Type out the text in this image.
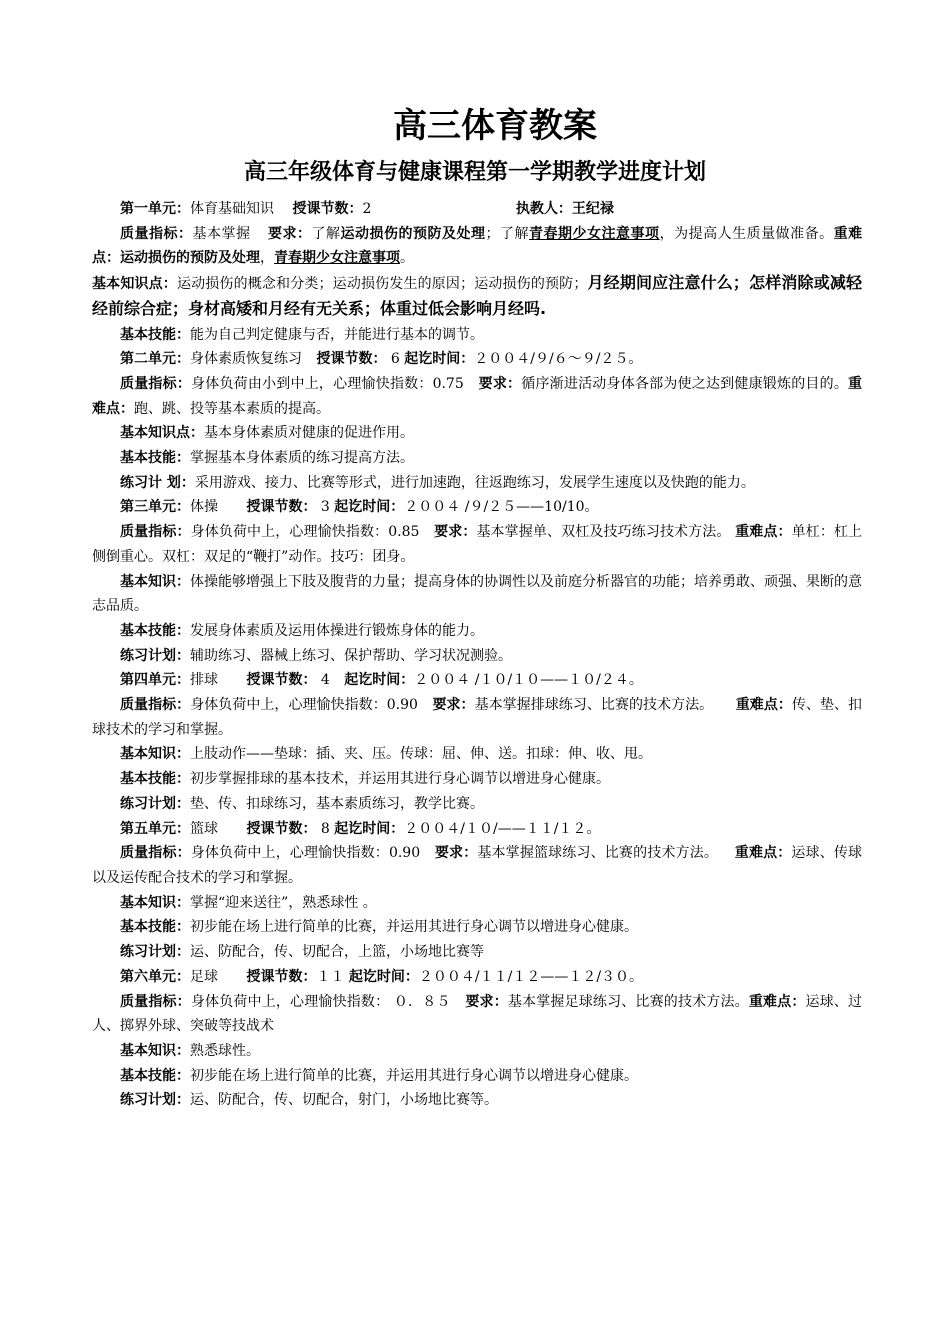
高三体育教案
高三年级体育与健康课程第一学期教学进度计划

第一单元：体育基础知识 授课节数：2	执教人：王纪禄

质量指标：基本掌握 要求：了解运动损伤的预防及处理；了解青春期少女注意事项，为提高人生质量做准备。重难点：运动损伤的预防及处理，青春期少女注意事项。

基本知识点：运动损伤的概念和分类；运动损伤发生的原因；运动损伤的预防；月经期间应注意什么；怎样消除或减轻经前综合症；身材高矮和月经有无关系；体重过低会影响月经吗.

基本技能：能为自己判定健康与否，并能进行基本的调节。

第二单元：身体素质恢复练习 授课节数： 6 起讫时间：２００４/９/６～９/２５。

质量指标：身体负荷由小到中上，心理愉快指数：0.75 要求：循序渐进活动身体各部为使之达到健康锻炼的目的。重难点：跑、跳、投等基本素质的提高。

基本知识点：基本身体素质对健康的促进作用。

基本技能：掌握基本身体素质的练习提高方法。

练习计 划：采用游戏、接力、比赛等形式，进行加速跑，往返跑练习，发展学生速度以及快跑的能力。

第三单元：体操 授课节数： 3 起讫时间：２００４ /９/２５——10/10。

质量指标：身体负荷中上，心理愉快指数：0.85 要求：基本掌握单、双杠及技巧练习技术方法。 重难点：单杠：杠上侧倒重心。双杠：双足的“鞭打”动作。技巧：团身。

基本知识：体操能够增强上下肢及腹背的力量；提高身体的协调性以及前庭分析器官的功能；培养勇敢、顽强、果断的意志品质。

基本技能：发展身体素质及运用体操进行锻炼身体的能力。

练习计划：辅助练习、器械上练习、保护帮助、学习状况测验。

第四单元：排球 授课节数： 4 起讫时间：２００４ /１０/１０——１０/２４。

质量指标：身体负荷中上，心理愉快指数：0.90 要求：基本掌握排球练习、比赛的技术方法。 重难点：传、垫、扣球技术的学习和掌握。

基本知识：上肢动作——垫球：插、夹、压。传球：屈、伸、送。扣球：伸、收、甩。

基本技能：初步掌握排球的基本技术，并运用其进行身心调节以增进身心健康。

练习计划：垫、传、扣球练习，基本素质练习，教学比赛。

第五单元：篮球 授课节数： 8 起讫时间：２００４/１０/——１１/１２。

质量指标：身体负荷中上，心理愉快指数：0.90 要求：基本掌握篮球练习、比赛的技术方法。 重难点：运球、传球以及运传配合技术的学习和掌握。

基本知识：掌握“迎来送往”，熟悉球性 。

基本技能：初步能在场上进行简单的比赛，并运用其进行身心调节以增进身心健康。

练习计划：运、防配合，传、切配合，上篮，小场地比赛等

第六单元：足球 授课节数：１１ 起讫时间：２００４/１１/１２——１２/３０。

质量指标：身体负荷中上，心理愉快指数： ０．８５ 要求：基本掌握足球练习、比赛的技术方法。重难点：运球、过人、掷界外球、突破等技战术

基本知识：熟悉球性。

基本技能：初步能在场上进行简单的比赛，并运用其进行身心调节以增进身心健康。

练习计划：运、防配合，传、切配合，射门，小场地比赛等。
